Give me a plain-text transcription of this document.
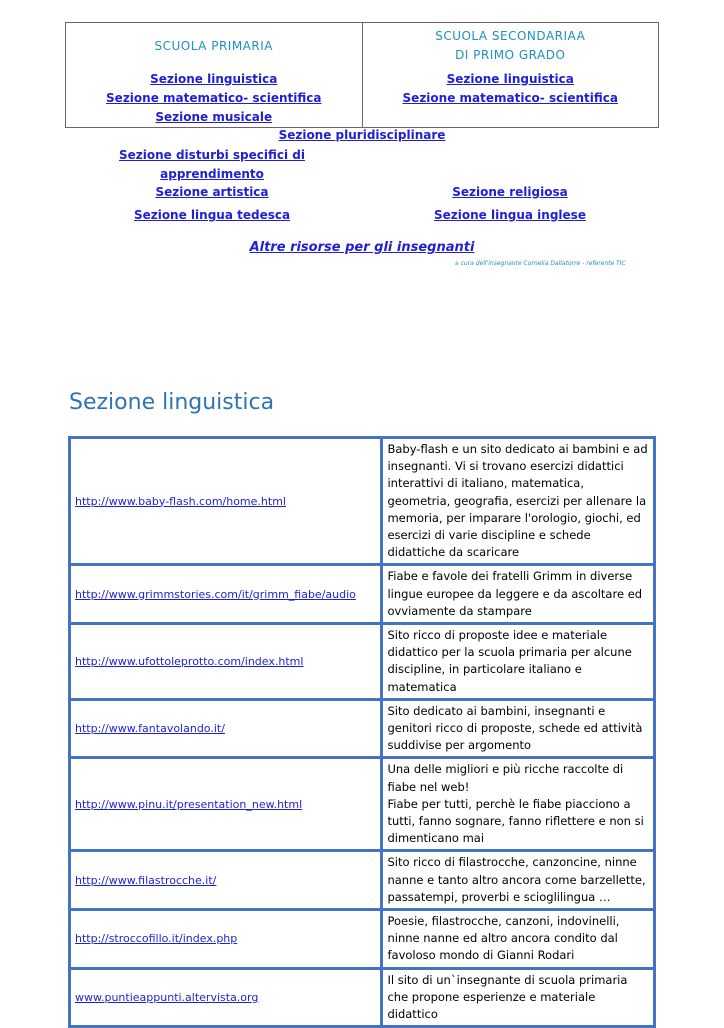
SCUOLA PRIMARIA
Sezione linguistica
Sezione matematico- scientifica
Sezione musicale

SCUOLA SECONDARIAA
DI PRIMO GRADO
Sezione linguistica
Sezione matematico- scientifica
Sezione pluridisciplinare
Sezione disturbi specifici di
apprendimento
Sezione artistica	Sezione religiosa
Sezione lingua tedesca	Sezione lingua inglese
Altre risorse per gli insegnanti
a cura dell'insegnante Cornelia Dallatorre - referente TIC
Sezione linguistica
http://www.baby-flash.com/home.html	Baby-flash e un sito dedicato ai bambini e ad insegnanti. Vi si trovano esercizi didattici interattivi di italiano, matematica, geometria, geografia, esercizi per allenare la memoria, per imparare l'orologio, giochi, ed esercizi di varie discipline e schede didattiche da scaricare
http://www.grimmstories.com/it/grimm_fiabe/audio	Fiabe e favole dei fratelli Grimm in diverse lingue europee da leggere e da ascoltare ed ovviamente da stampare
http://www.ufottoleprotto.com/index.html	Sito ricco di proposte idee e materiale didattico per la scuola primaria per alcune discipline, in particolare italiano e matematica
http://www.fantavolando.it/	Sito dedicato ai bambini, insegnanti e genitori ricco di proposte, schede ed attività suddivise per argomento
http://www.pinu.it/presentation_new.html	Una delle migliori e più ricche raccolte di fiabe nel web!
Fiabe per tutti, perchè le fiabe piacciono a tutti, fanno sognare, fanno riflettere e non si dimenticano mai
http://www.filastrocche.it/	Sito ricco di filastrocche, canzoncine, ninne nanne e tanto altro ancora come barzellette, passatempi, proverbi e scioglilingua …
http://stroccofillo.it/index.php	Poesie, filastrocche, canzoni, indovinelli, ninne nanne ed altro ancora condito dal favoloso mondo di Gianni Rodari
www.puntieappunti.altervista.org	Il sito di un`insegnante di scuola primaria che propone esperienze e materiale didattico
